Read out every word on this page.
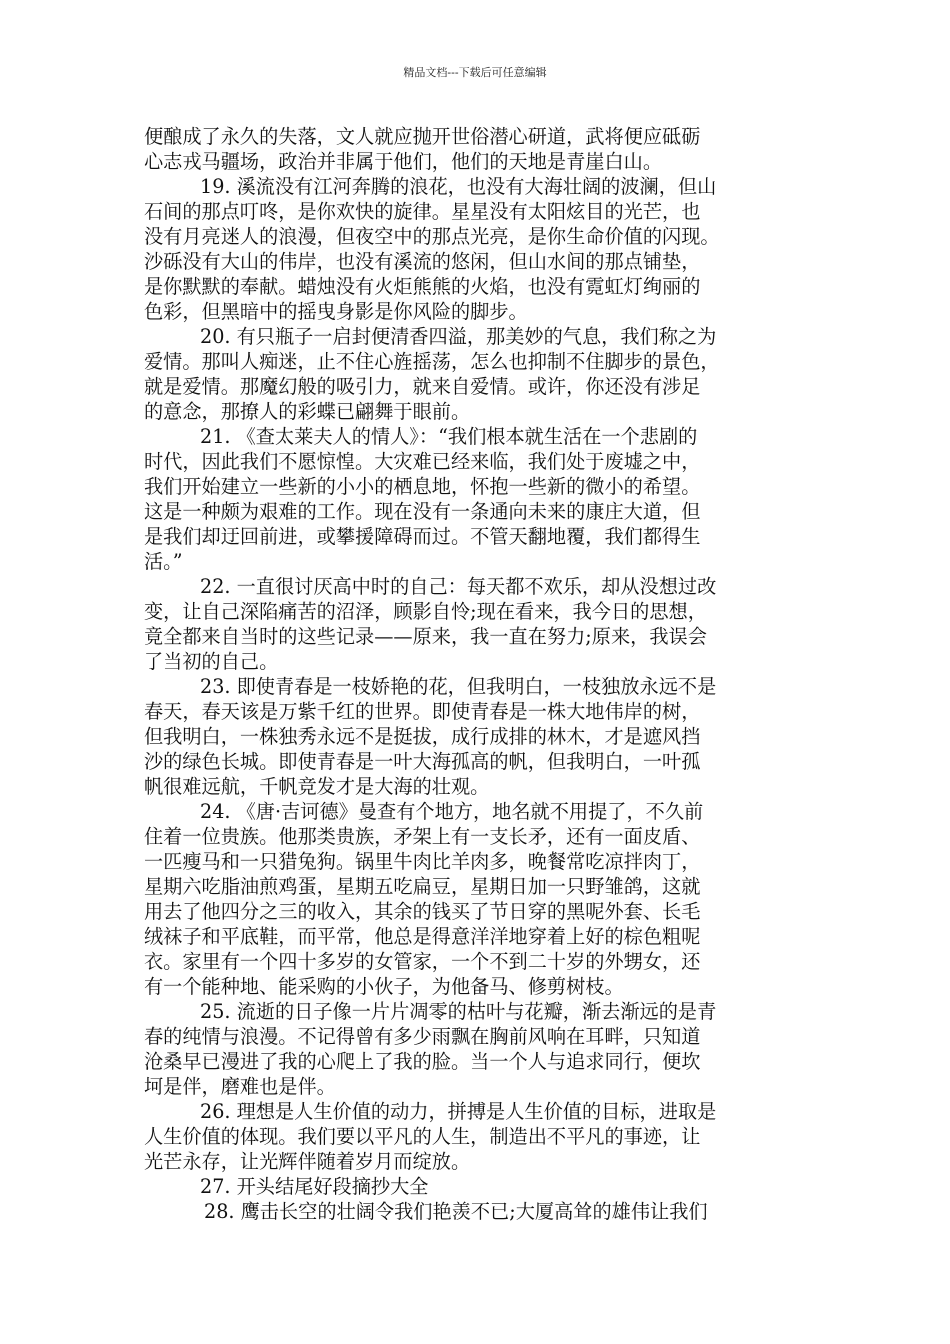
精品文档---下载后可任意编辑
便酿成了永久的失落，文人就应抛开世俗潜心研道，武将便应砥砺
心志戎马疆场，政治并非属于他们，他们的天地是青崖白山。
19. 溪流没有江河奔腾的浪花，也没有大海壮阔的波澜，但山
石间的那点叮咚，是你欢快的旋律。星星没有太阳炫目的光芒，也
没有月亮迷人的浪漫，但夜空中的那点光亮，是你生命价值的闪现。
沙砾没有大山的伟岸，也没有溪流的悠闲，但山水间的那点铺垫，
是你默默的奉献。蜡烛没有火炬熊熊的火焰，也没有霓虹灯绚丽的
色彩，但黑暗中的摇曳身影是你风险的脚步。
20. 有只瓶子一启封便清香四溢，那美妙的气息，我们称之为
爱情。那叫人痴迷，止不住心旌摇荡，怎么也抑制不住脚步的景色，
就是爱情。那魔幻般的吸引力，就来自爱情。或许，你还没有涉足
的意念，那撩人的彩蝶已翩舞于眼前。
21. 《查太莱夫人的情人》：“我们根本就生活在一个悲剧的
时代，因此我们不愿惊惶。大灾难已经来临，我们处于废墟之中，
我们开始建立一些新的小小的栖息地，怀抱一些新的微小的希望。
这是一种颇为艰难的工作。现在没有一条通向未来的康庄大道，但
是我们却迂回前进，或攀援障碍而过。不管天翻地覆，我们都得生
活。”
22. 一直很讨厌高中时的自己：每天都不欢乐，却从没想过改
变，让自己深陷痛苦的沼泽，顾影自怜;现在看来，我今日的思想，
竟全都来自当时的这些记录——原来，我一直在努力;原来，我误会
了当初的自己。
23. 即使青春是一枝娇艳的花，但我明白，一枝独放永远不是
春天，春天该是万紫千红的世界。即使青春是一株大地伟岸的树，
但我明白，一株独秀永远不是挺拔，成行成排的林木，才是遮风挡
沙的绿色长城。即使青春是一叶大海孤高的帆，但我明白，一叶孤
帆很难远航，千帆竞发才是大海的壮观。
24. 《唐·吉诃德》曼查有个地方，地名就不用提了，不久前
住着一位贵族。他那类贵族，矛架上有一支长矛，还有一面皮盾、
一匹瘦马和一只猎兔狗。锅里牛肉比羊肉多，晚餐常吃凉拌肉丁，
星期六吃脂油煎鸡蛋，星期五吃扁豆，星期日加一只野雏鸽，这就
用去了他四分之三的收入，其余的钱买了节日穿的黑呢外套、长毛
绒袜子和平底鞋，而平常，他总是得意洋洋地穿着上好的棕色粗呢
衣。家里有一个四十多岁的女管家，一个不到二十岁的外甥女，还
有一个能种地、能采购的小伙子，为他备马、修剪树枝。
25. 流逝的日子像一片片凋零的枯叶与花瓣，渐去渐远的是青
春的纯情与浪漫。不记得曾有多少雨飘在胸前风响在耳畔，只知道
沧桑早已漫进了我的心爬上了我的脸。当一个人与追求同行，便坎
坷是伴，磨难也是伴。
26. 理想是人生价值的动力，拼搏是人生价值的目标，进取是
人生价值的体现。我们要以平凡的人生，制造出不平凡的事迹，让
光芒永存，让光辉伴随着岁月而绽放。
27. 开头结尾好段摘抄大全
28. 鹰击长空的壮阔令我们艳羡不已;大厦高耸的雄伟让我们
